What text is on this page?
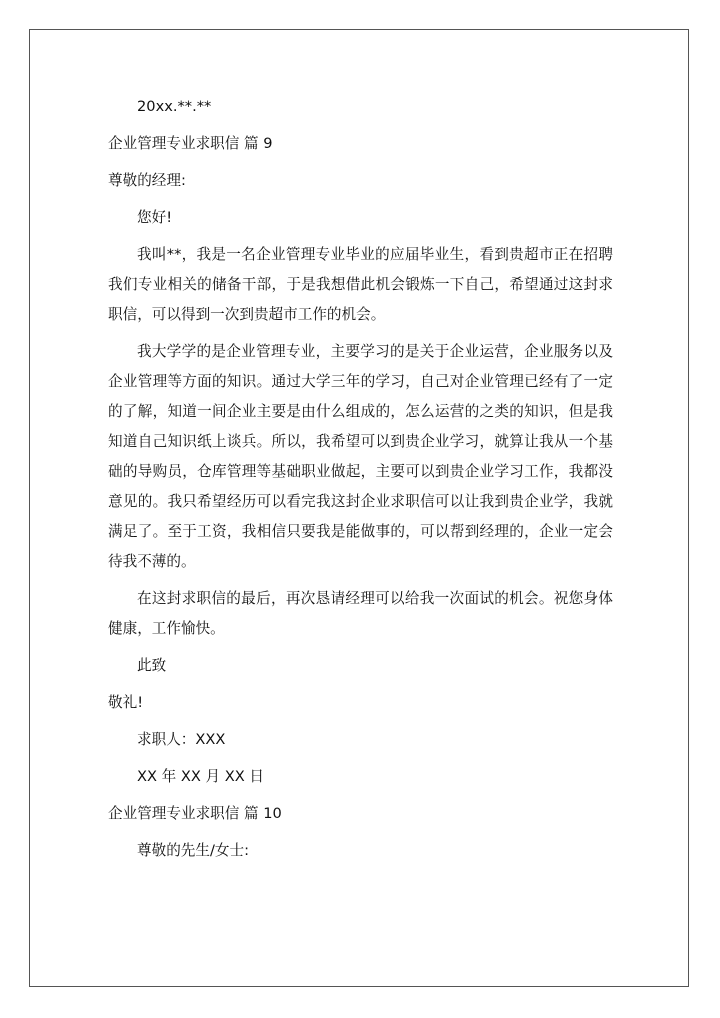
20xx.**.**

企业管理专业求职信 篇 9

尊敬的经理:

您好!

我叫**，我是一名企业管理专业毕业的应届毕业生，看到贵超市正在招聘我们专业相关的储备干部，于是我想借此机会锻炼一下自己，希望通过这封求职信，可以得到一次到贵超市工作的机会。

我大学学的是企业管理专业，主要学习的是关于企业运营，企业服务以及企业管理等方面的知识。通过大学三年的学习，自己对企业管理已经有了一定的了解，知道一间企业主要是由什么组成的，怎么运营的之类的知识，但是我知道自己知识纸上谈兵。所以，我希望可以到贵企业学习，就算让我从一个基础的导购员，仓库管理等基础职业做起，主要可以到贵企业学习工作，我都没意见的。我只希望经历可以看完我这封企业求职信可以让我到贵企业学，我就满足了。至于工资，我相信只要我是能做事的，可以帮到经理的，企业一定会待我不薄的。

在这封求职信的最后，再次恳请经理可以给我一次面试的机会。祝您身体健康，工作愉快。

此致

敬礼!

求职人：XXX

XX 年 XX 月 XX 日

企业管理专业求职信 篇 10

尊敬的先生/女士:
